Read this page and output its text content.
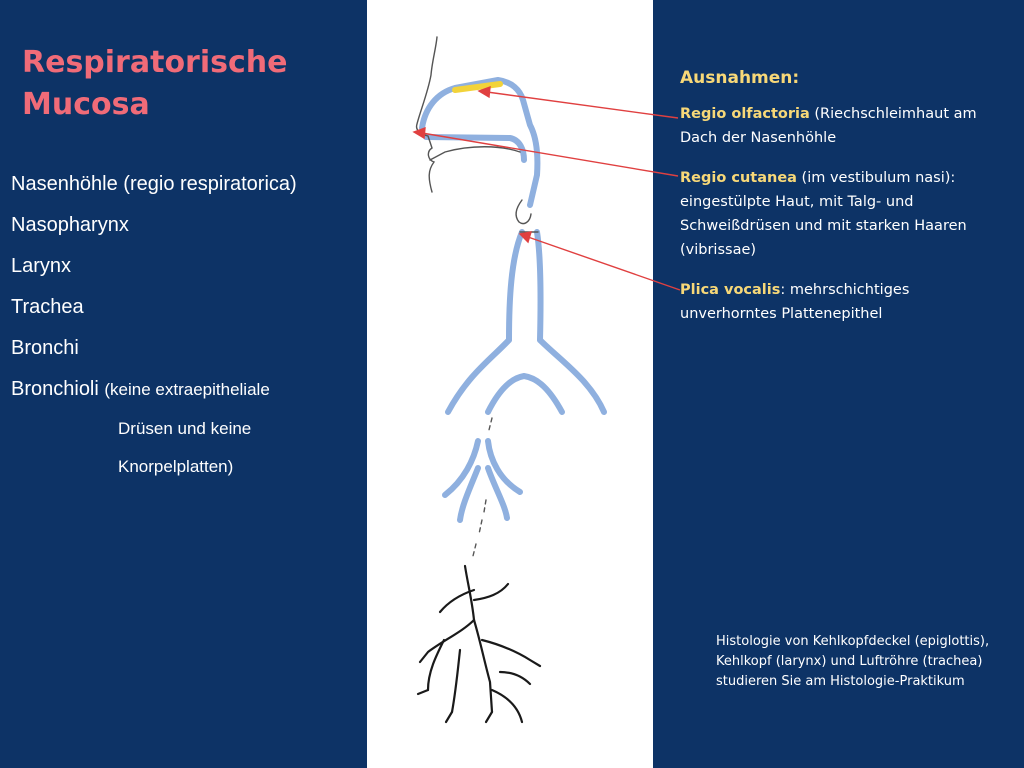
Respiratorische
Mucosa
Nasenhöhle (regio respiratorica)
Nasopharynx
Larynx
Trachea
Bronchi
Bronchioli (keine extraepitheliale
Drüsen und keine
Knorpelplatten)

Ausnahmen:

Regio olfactoria (Riechschleimhaut am Dach der Nasenhöhle

Regio cutanea (im vestibulum nasi): eingestülpte Haut, mit Talg- und Schweißdrüsen und mit starken Haaren (vibrissae)

Plica vocalis: mehrschichtiges unverhorntes Plattenepithel

Histologie von Kehlkopfdeckel (epiglottis), Kehlkopf (larynx) und Luftröhre (trachea) studieren Sie am Histologie-Praktikum
